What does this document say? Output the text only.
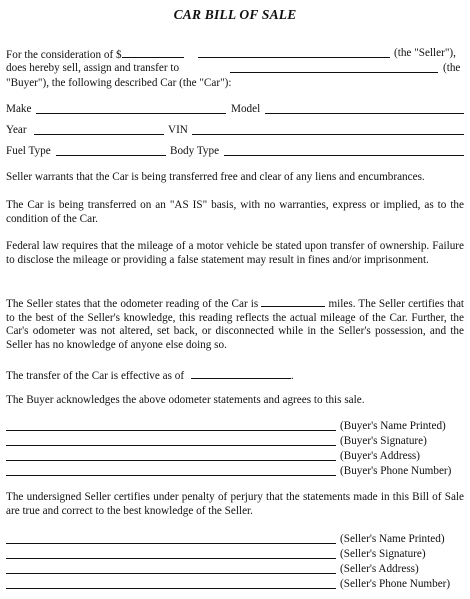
CAR BILL OF SALE
For the consideration of $	(the "Seller"),
does hereby sell, assign and transfer to	(the
"Buyer"), the following described Car (the "Car"):
Make	Model
Year	VIN
Fuel Type	Body Type
Seller warrants that the Car is being transferred free and clear of any liens and encumbrances.
The Car is being transferred on an "AS IS" basis, with no warranties, express or implied, as to the condition of the Car.
Federal law requires that the mileage of a motor vehicle be stated upon transfer of ownership. Failure to disclose the mileage or providing a false statement may result in fines and/or imprisonment.
The Seller states that the odometer reading of the Car is	miles. The Seller certifies that to the best of the Seller's knowledge, this reading reflects the actual mileage of the Car. Further, the Car's odometer was not altered, set back, or disconnected while in the Seller's possession, and the Seller has no knowledge of anyone else doing so.
The transfer of the Car is effective as of	.
The Buyer acknowledges the above odometer statements and agrees to this sale.
(Buyer's Name Printed)
(Buyer's Signature)
(Buyer's Address)
(Buyer's Phone Number)
The undersigned Seller certifies under penalty of perjury that the statements made in this Bill of Sale are true and correct to the best knowledge of the Seller.
(Seller's Name Printed)
(Seller's Signature)
(Seller's Address)
(Seller's Phone Number)
